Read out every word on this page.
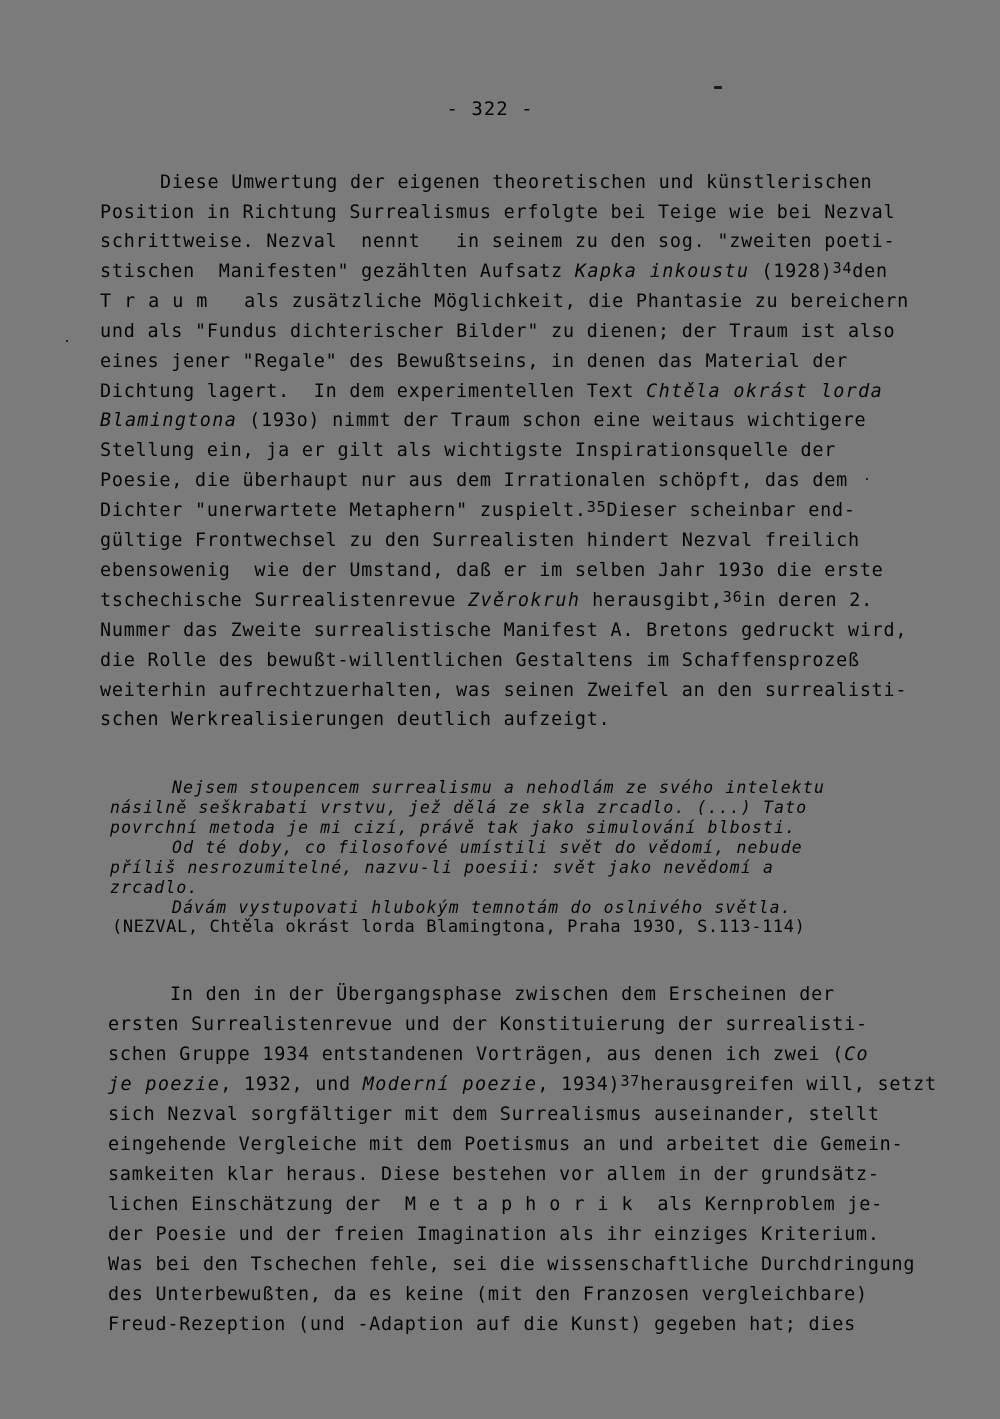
- 322 -
Diese Umwertung der eigenen theoretischen und künstlerischen
Position in Richtung Surrealismus erfolgte bei Teige wie bei Nezval
schrittweise. Nezval  nennt   in seinem zu den sog. "zweiten poeti-
stischen  Manifesten" gezählten Aufsatz Kapka inkoustu (1928)$^{34}$den
Traum  als zusätzliche Möglichkeit, die Phantasie zu bereichern
und als "Fundus dichterischer Bilder" zu dienen; der Traum ist also
eines jener "Regale" des Bewußtseins, in denen das Material der
Dichtung lagert.  In dem experimentellen Text Chtěla okrást lorda
Blamingtona (193o) nimmt der Traum schon eine weitaus wichtigere
Stellung ein, ja er gilt als wichtigste Inspirationsquelle der
Poesie, die überhaupt nur aus dem Irrationalen schöpft, das dem
Dichter "unerwartete Metaphern" zuspielt.$^{35}$Dieser scheinbar end-
gültige Frontwechsel zu den Surrealisten hindert Nezval freilich
ebensowenig  wie der Umstand, daß er im selben Jahr 193o die erste
tschechische Surrealistenrevue Zvěrokruh herausgibt,$^{36}$in deren 2.
Nummer das Zweite surrealistische Manifest A. Bretons gedruckt wird,
die Rolle des bewußt-willentlichen Gestaltens im Schaffensprozeß
weiterhin aufrechtzuerhalten, was seinen Zweifel an den surrealisti-
schen Werkrealisierungen deutlich aufzeigt.
Nejsem stoupencem surrealismu a nehodlám ze svého intelektu
násilně seškrabati vrstvu, jež dělá ze skla zrcadlo. (...) Tato
povrchní metoda je mi cizí, právě tak jako simulování blbosti.
Od té doby, co filosofové umístili svět do vědomí, nebude
příliš nesrozumitelné, nazvu-li poesii: svět jako nevědomí a
zrcadlo.
Dávám vystupovati hlubokým temnotám do oslnivého světla.
(NEZVAL, Chtěla okrást lorda Blamingtona, Praha 193O, S.113-114)
In den in der Übergangsphase zwischen dem Erscheinen der
ersten Surrealistenrevue und der Konstituierung der surrealisti-
schen Gruppe 1934 entstandenen Vorträgen, aus denen ich zwei (Co
je poezie, 1932, und Moderní poezie, 1934)$^{37}$herausgreifen will, setzt
sich Nezval sorgfältiger mit dem Surrealismus auseinander, stellt
eingehende Vergleiche mit dem Poetismus an und arbeitet die Gemein-
samkeiten klar heraus. Diese bestehen vor allem in der grundsätz-
lichen Einschätzung der  Metaphorik als Kernproblem je-
der Poesie und der freien Imagination als ihr einziges Kriterium.
Was bei den Tschechen fehle, sei die wissenschaftliche Durchdringung
des Unterbewußten, da es keine (mit den Franzosen vergleichbare)
Freud-Rezeption (und -Adaption auf die Kunst) gegeben hat; dies
